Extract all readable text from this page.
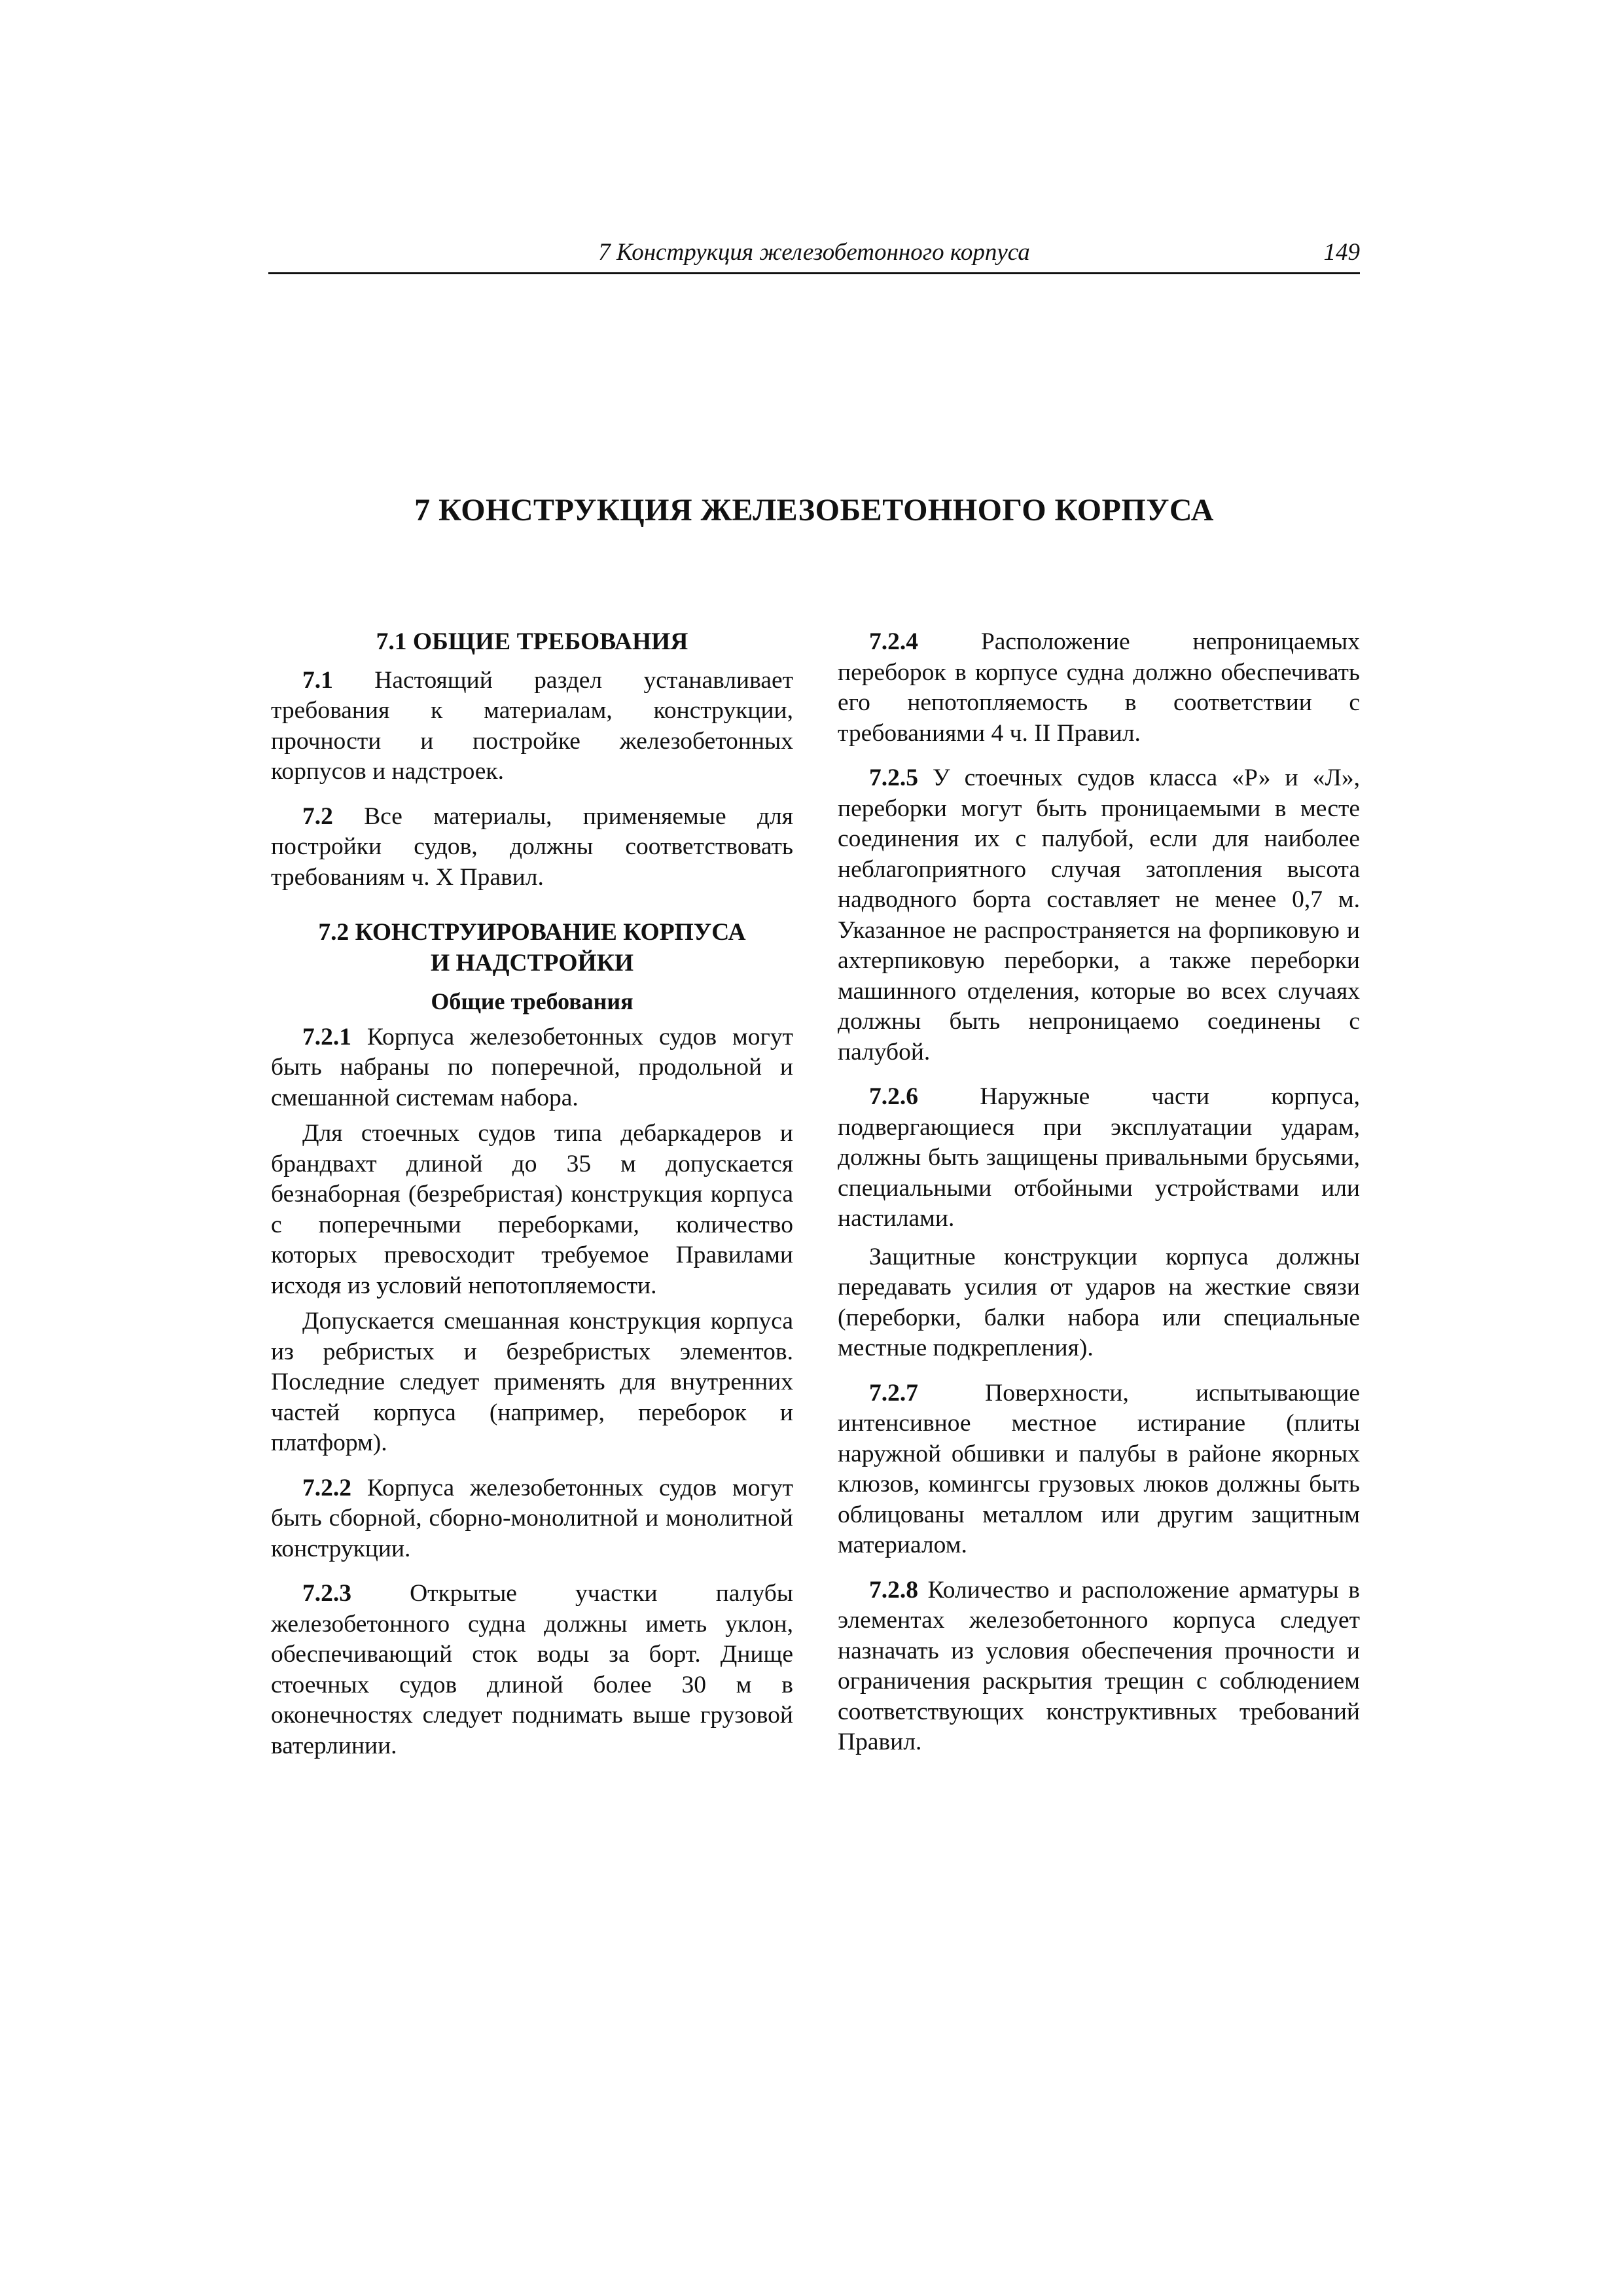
7 Конструкция железобетонного корпуса	149
7 КОНСТРУКЦИЯ ЖЕЛЕЗОБЕТОННОГО КОРПУСА
7.1 ОБЩИЕ ТРЕБОВАНИЯ

7.1 Настоящий раздел устанавливает требования к материалам, конструкции, прочности и постройке железобетонных корпусов и надстроек.

7.2 Все материалы, применяемые для постройки судов, должны соответствовать требованиям ч. X Правил.

7.2 КОНСТРУИРОВАНИЕ КОРПУСА
И НАДСТРОЙКИ
Общие требования

7.2.1 Корпуса железобетонных судов могут быть набраны по поперечной, продольной и смешанной системам набора.

Для стоечных судов типа дебаркадеров и брандвахт длиной до 35 м допускается безнаборная (безребристая) конструкция корпуса с поперечными переборками, количество которых превосходит требуемое Правилами исходя из условий непотопляемости.

Допускается смешанная конструкция корпуса из ребристых и безребристых элементов. Последние следует применять для внутренних частей корпуса (например, переборок и платформ).

7.2.2 Корпуса железобетонных судов могут быть сборной, сборно-монолитной и монолитной конструкции.

7.2.3 Открытые участки палубы железобетонного судна должны иметь уклон, обеспечивающий сток воды за борт. Днище стоечных судов длиной более 30 м в оконечностях следует поднимать выше грузовой ватерлинии.

7.2.4 Расположение непроницаемых переборок в корпусе судна должно обеспечивать его непотопляемость в соответствии с требованиями 4 ч. II Правил.

7.2.5 У стоечных судов класса «Р» и «Л», переборки могут быть проницаемыми в месте соединения их с палубой, если для наиболее неблагоприятного случая затопления высота надводного борта составляет не менее 0,7 м. Указанное не распространяется на форпиковую и ахтерпиковую переборки, а также переборки машинного отделения, которые во всех случаях должны быть непроницаемо соединены с палубой.

7.2.6 Наружные части корпуса, подвергающиеся при эксплуатации ударам, должны быть защищены привальными брусьями, специальными отбойными устройствами или настилами.

Защитные конструкции корпуса должны передавать усилия от ударов на жесткие связи (переборки, балки набора или специальные местные подкрепления).

7.2.7 Поверхности, испытывающие интенсивное местное истирание (плиты наружной обшивки и палубы в районе якорных клюзов, комингсы грузовых люков должны быть облицованы металлом или другим защитным материалом.

7.2.8 Количество и расположение арматуры в элементах железобетонного корпуса следует назначать из условия обеспечения прочности и ограничения раскрытия трещин с соблюдением соответствующих конструктивных требований Правил.
